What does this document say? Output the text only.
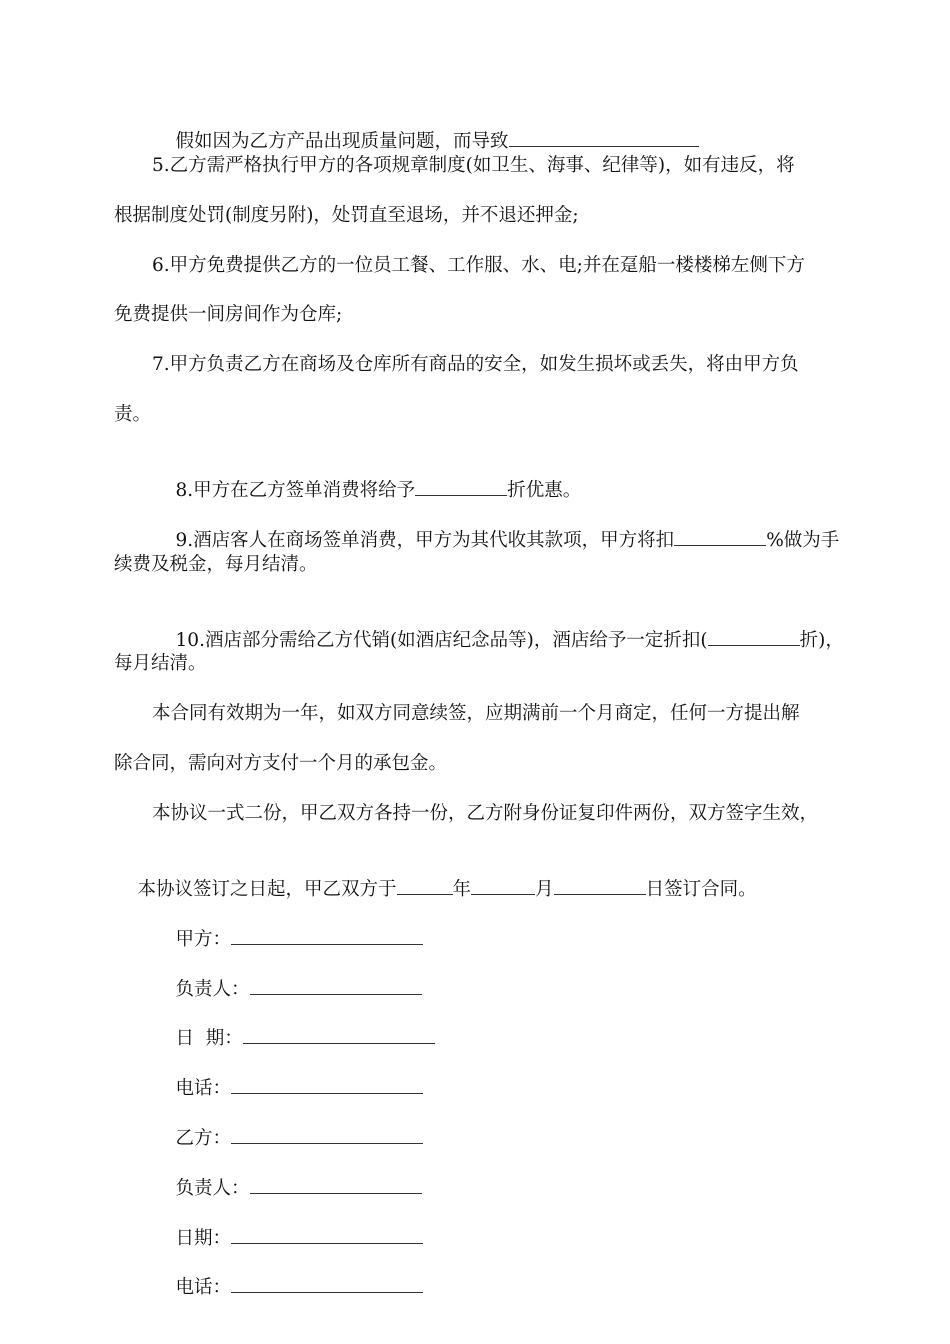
假如因为乙方产品出现质量问题，而导致

5.乙方需严格执行甲方的各项规章制度(如卫生、海事、纪律等)，如有违反，将
根据制度处罚(制度另附)，处罚直至退场，并不退还押金;
6.甲方免费提供乙方的一位员工餐、工作服、水、电;并在趸船一楼楼梯左侧下方
免费提供一间房间作为仓库;
7.甲方负责乙方在商场及仓库所有商品的安全，如发生损坏或丢失，将由甲方负
责。

8.甲方在乙方签单消费将给予	折优惠。

9.酒店客人在商场签单消费，甲方为其代收其款项，甲方将扣	%做为手

续费及税金，每月结清。

10.酒店部分需给乙方代销(如酒店纪念品等)，酒店给予一定折扣(	折)，

每月结清。
本合同有效期为一年，如双方同意续签，应期满前一个月商定，任何一方提出解
除合同，需向对方支付一个月的承包金。
本协议一式二份，甲乙双方各持一份，乙方附身份证复印件两份，双方签字生效，

本协议签订之日起，甲乙双方于	年	月	日签订合同。

甲方：

负责人：

日  期：

电话：

乙方：

负责人：

日期：

电话：
